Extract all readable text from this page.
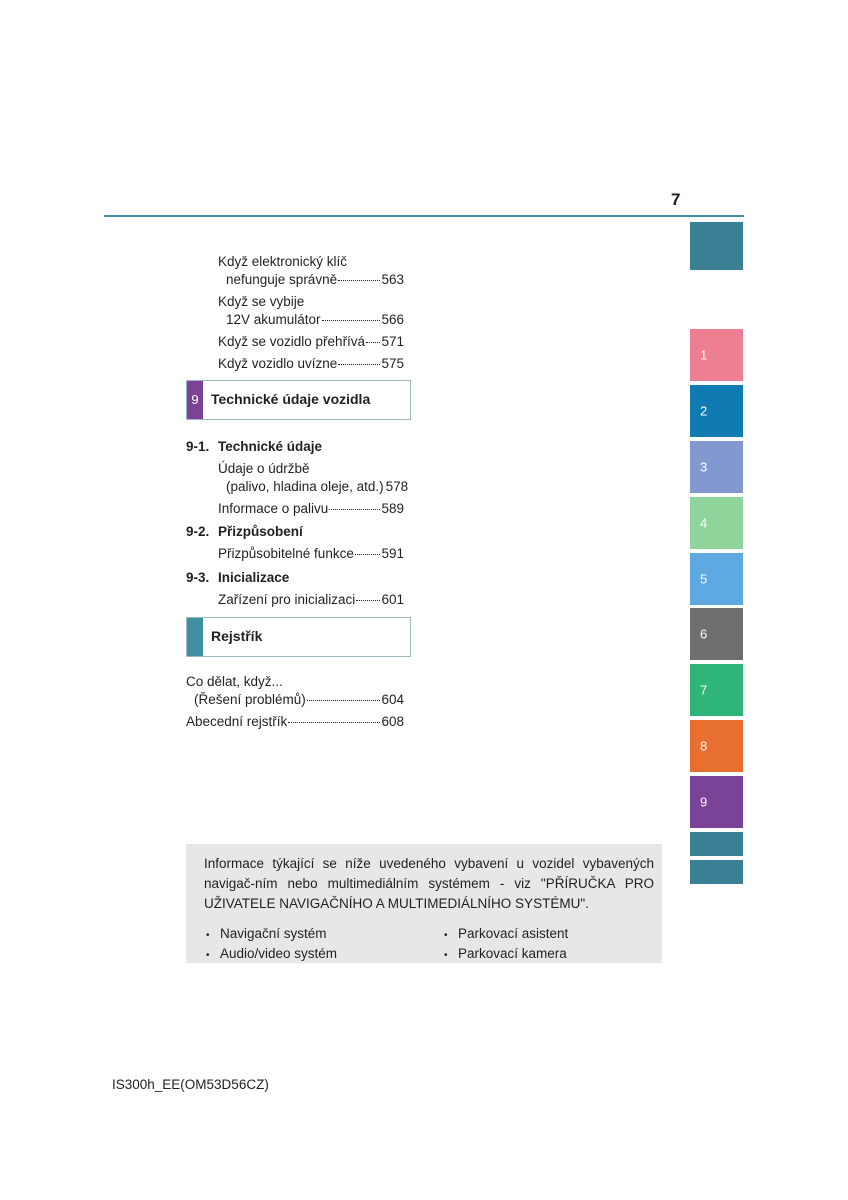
7
Když elektronický klíč
nefunguje správně	563
Když se vybije
12V akumulátor	566
Když se vozidlo přehřívá 571
Když vozidlo uvízne	575
9 Technické údaje vozidla
9-1. Technické údaje
Údaje o údržbě
(palivo, hladina oleje, atd.) 578
Informace o palivu	589
9-2. Přizpůsobení
Přizpůsobitelné funkce 591
9-3. Inicializace
Zařízení pro inicializaci 601
Rejstřík
Co dělat, když...
(Řešení problémů)	604
Abecední rejstřík	608
1
2
3
4
5
6
7
8
9
Informace týkající se níže uvedeného vybavení u vozidel vybavených navigač-ním nebo multimediálním systémem - viz "PŘÍRUČKA PRO UŽIVATELE NAVIGAČNÍHO A MULTIMEDIÁLNÍHO SYSTÉMU".
• Navigační systém
• Audio/video systém
• Parkovací asistent
• Parkovací kamera
IS300h_EE(OM53D56CZ)
